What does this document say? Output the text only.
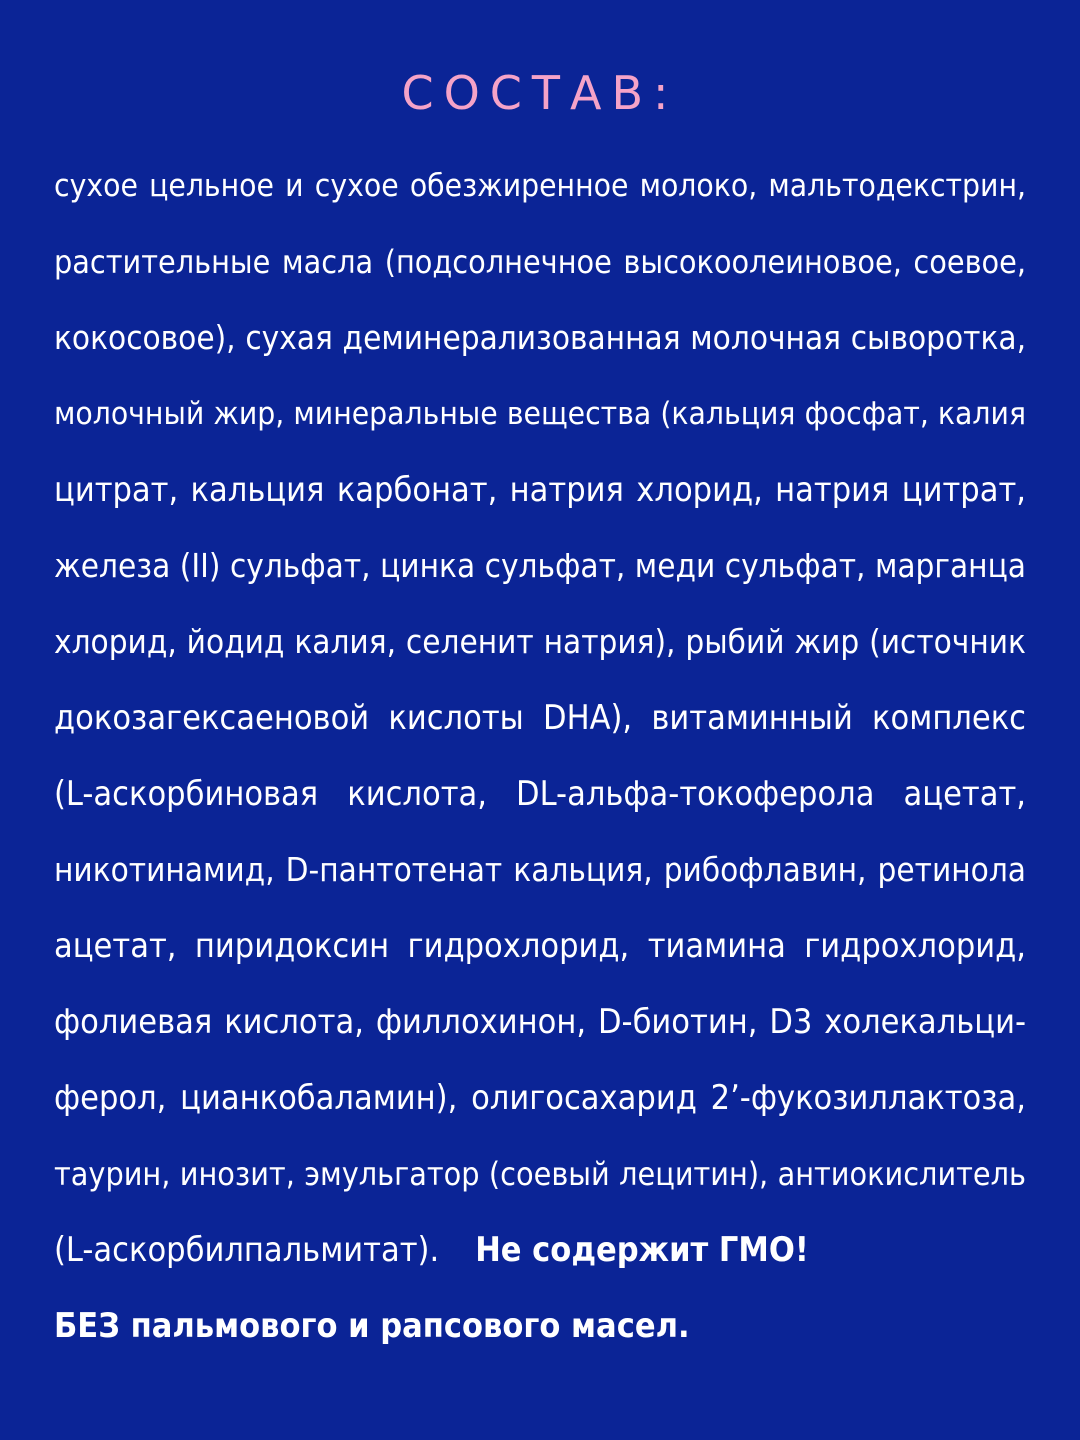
СОСТАВ:
сухое цельное и сухое обезжиренное молоко, мальтодекстрин,
растительные масла (подсолнечное высокоолеиновое, соевое,
кокосовое), сухая деминерализованная молочная сыворотка,
молочный жир, минеральные вещества (кальция фосфат, калия
цитрат, кальция карбонат, натрия хлорид, натрия цитрат,
железа (II) сульфат, цинка сульфат, меди сульфат, марганца
хлорид, йодид калия, селенит натрия), рыбий жир (источник
докозагексаеновой кислоты DHA), витаминный комплекс
(L-аскорбиновая кислота, DL-альфа-токоферола ацетат,
никотинамид, D-пантотенат кальция, рибофлавин, ретинола
ацетат, пиридоксин гидрохлорид, тиамина гидрохлорид,
фолиевая кислота, филлохинон, D-биотин, D3 холекальци-
ферол, цианкобаламин), олигосахарид 2’-фукозиллактоза,
таурин, инозит, эмульгатор (соевый лецитин), антиокислитель
(L-аскорбилпальмитат). Не содержит ГМО!
БЕЗ пальмового и рапсового масел.
